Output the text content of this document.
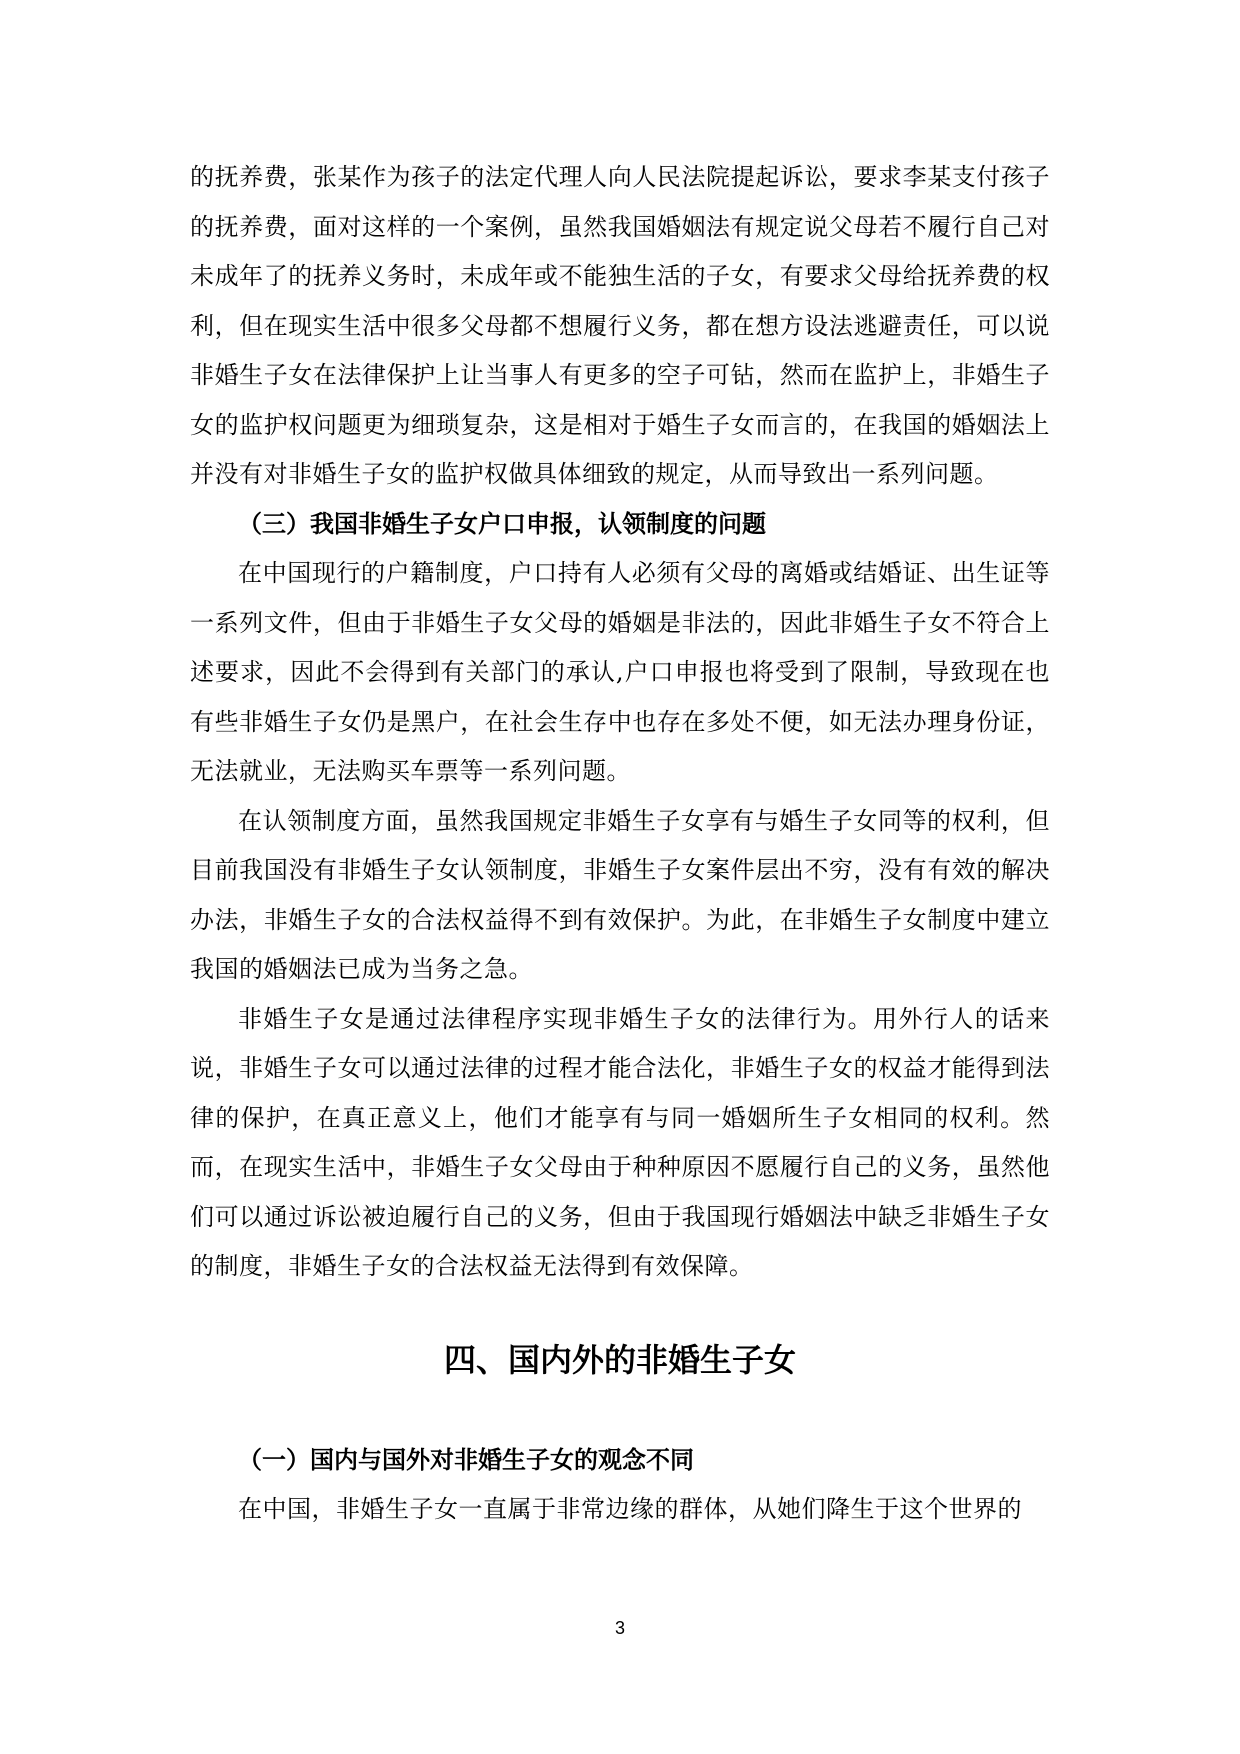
的抚养费，张某作为孩子的法定代理人向人民法院提起诉讼，要求李某支付孩子的抚养费，面对这样的一个案例，虽然我国婚姻法有规定说父母若不履行自己对未成年了的抚养义务时，未成年或不能独生活的子女，有要求父母给抚养费的权利，但在现实生活中很多父母都不想履行义务，都在想方设法逃避责任，可以说非婚生子女在法律保护上让当事人有更多的空子可钻，然而在监护上，非婚生子女的监护权问题更为细琐复杂，这是相对于婚生子女而言的，在我国的婚姻法上并没有对非婚生子女的监护权做具体细致的规定，从而导致出一系列问题。

（三）我国非婚生子女户口申报，认领制度的问题

在中国现行的户籍制度，户口持有人必须有父母的离婚或结婚证、出生证等一系列文件，但由于非婚生子女父母的婚姻是非法的，因此非婚生子女不符合上述要求，因此不会得到有关部门的承认,户口申报也将受到了限制，导致现在也有些非婚生子女仍是黑户，在社会生存中也存在多处不便，如无法办理身份证，无法就业，无法购买车票等一系列问题。

在认领制度方面，虽然我国规定非婚生子女享有与婚生子女同等的权利，但目前我国没有非婚生子女认领制度，非婚生子女案件层出不穷，没有有效的解决办法，非婚生子女的合法权益得不到有效保护。为此，在非婚生子女制度中建立我国的婚姻法已成为当务之急。

非婚生子女是通过法律程序实现非婚生子女的法律行为。用外行人的话来说，非婚生子女可以通过法律的过程才能合法化，非婚生子女的权益才能得到法律的保护，在真正意义上，他们才能享有与同一婚姻所生子女相同的权利。然而，在现实生活中，非婚生子女父母由于种种原因不愿履行自己的义务，虽然他们可以通过诉讼被迫履行自己的义务，但由于我国现行婚姻法中缺乏非婚生子女的制度，非婚生子女的合法权益无法得到有效保障。

四、国内外的非婚生子女

（一）国内与国外对非婚生子女的观念不同

在中国，非婚生子女一直属于非常边缘的群体，从她们降生于这个世界的

3
